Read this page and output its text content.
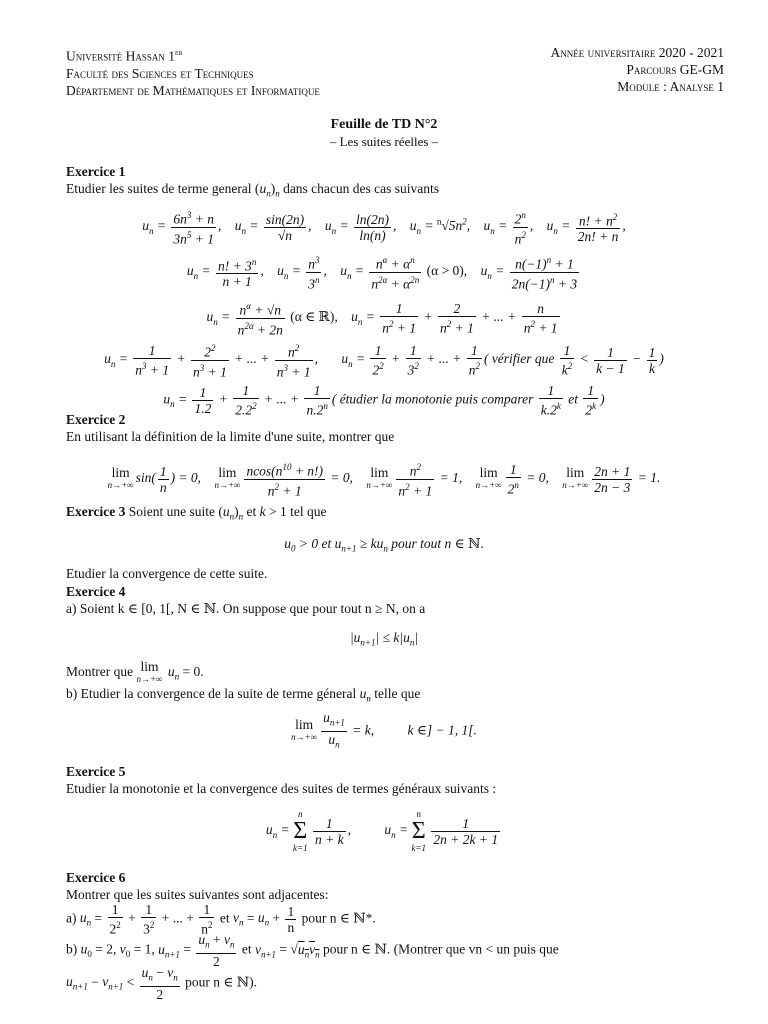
Université Hassan 1er
Faculté des Sciences et Techniques
Département de Mathématiques et Informatique
Année universitaire 2020 - 2021
Parcours GE-GM
Module : Analyse 1
Feuille de TD N°2
– Les suites réelles –
Exercice 1
Etudier les suites de terme general $(u_n)_n$ dans chacun des cas suivants
$u_n = \frac{6n^3 + n}{3n^5 + 1}$ , $u_n = \frac{\sin(2n)}{√n}$ , $u_n = \frac{\ln(2n)}{\ln(n)}$ , $u_n = ^n√5n^2$, $u_n = \frac{2^n}{n^2}$ , $u_n = \frac{n! + n^2}{2n! + n}$ ,
$u_n = \frac{n! + 3^n}{n + 1}$ , $u_n = \frac{n^3}{3^n}$ , $u_n = \frac{n^\alpha + \alpha^n}{n^{2\alpha} + \alpha^{2n}} (\alpha > 0)$, $u_n = \frac{n(-1)^n + 1}{2n(-1)^n + 3}$
$u_n = \frac{n^\alpha + √n}{n^{2\alpha} + 2n} (\alpha$ ∈ ℝ), $u_n = \frac{1}{n^2 + 1} + \frac{2}{n^2 + 1}$ + ... + $\frac{n}{n^2 + 1}$
$u_n = \frac{1}{n^3 + 1} + \frac{2^2}{n^3 + 1}$ + ... + $\frac{n^2}{n^3 + 1}$ , $u_n = \frac{1}{2^2} + \frac{1}{3^2}$ + ... + $\frac{1}{n^2}$ ( vérifier que $\frac{1}{k^2} < \frac{1}{k - 1} - \frac{1}{k}$ )
$u_n = \frac{1}{1.2} + \frac{1}{2.2^2}$ + ... + $\frac{1}{n.2^n}$ ( étudier la monotonie puis comparer $\frac{1}{k.2^k}$ et $\frac{1}{2^k}$ )
Exercice 2
En utilisant la définition de la limite d'une suite, montrer que
lim
n→+∞ $\sin( \frac{1}{n}$ ) = 0, lim
$n\to+\infty \frac{ncos(n^{10} + n!)}{n^2 + 1} = 0$, lim
$n\to+\infty \frac{n^2}{n^2 + 1} = 1$, lim
$n\to+\infty \frac{1}{2^n} = 0$, lim
$n\to+\infty \frac{2n + 1}{2n - 3} = 1$.
Exercice 3 Soient une suite $(u_n)_n$ et k > 1 tel que
$u_0 > 0$ et $u_{n+1} \ge ku_n$ pour tout n ∈ ℕ.
Etudier la convergence de cette suite.
Exercice 4
a) Soient k ∈ [0, 1[, N ∈ ℕ. On suppose que pour tout n ≥ N, on a
$|u_{n+1}| \le k|u_n|$
Montrer que lim
n→+∞ $u_n = 0$.
b) Etudier la convergence de la suite de terme géneral $u_n$ telle que
lim
$n\to+\infty \frac{u_{n+1}}{u_n} = k$, k ∈] − 1, 1[.
Exercice 5
Etudier la monotonie et la convergence des suites de termes généraux suivants :
$u_n$ =
n
Σ
k=1

$\frac{1}{n + k}$ , $u_n$ =
n
Σ
k=1

$\frac{1}{2n + 2k + 1}$
Exercice 6
Montrer que les suites suivantes sont adjacentes:
a) $u_n = \frac{1}{2^2} + \frac{1}{3^2}$ + ... + $\frac{1}{n^2}$ et $v_n = u_n + \frac{1}{n}$ pour n ∈ ℕ*.
b) $u_0 = 2$, $v_0 = 1$, $u_{n+1} = \frac{u_n + v_n}{2}$ et $v_{n+1} = √u_nv_n$ pour n ∈ ℕ. (Montrer que vn < un puis que
$u_{n+1} - v_{n+1} < \frac{u_n - v_n}{2}$ pour n ∈ ℕ).
